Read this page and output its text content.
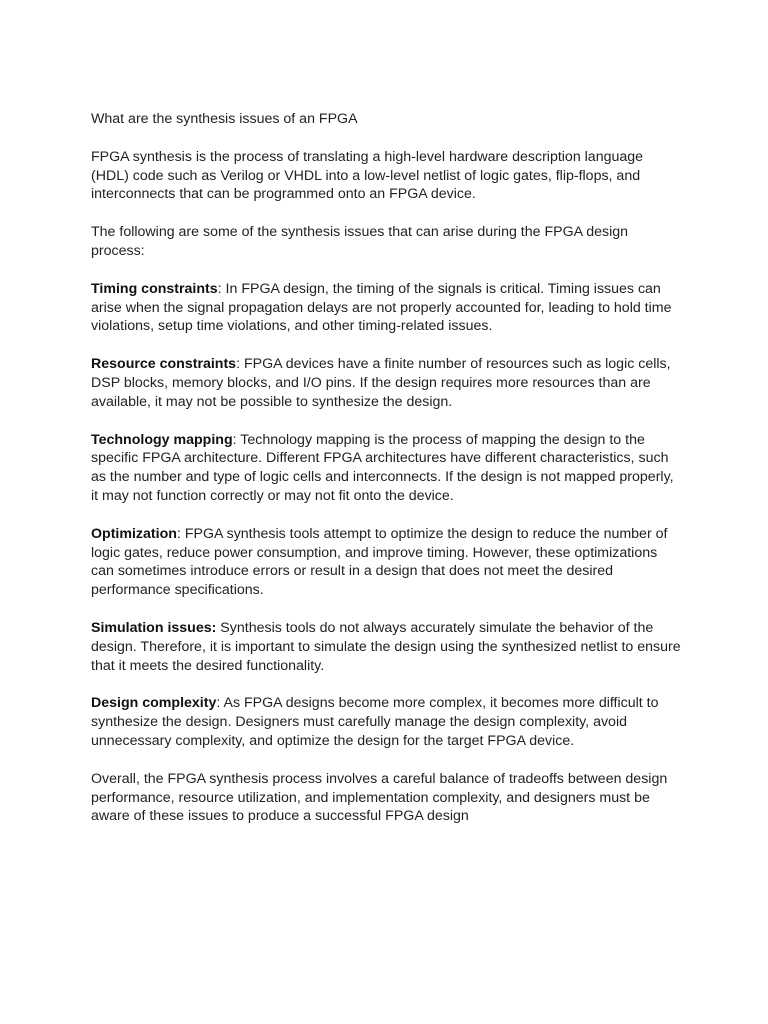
What are the synthesis issues of an FPGA

FPGA synthesis is the process of translating a high-level hardware description language (HDL) code such as Verilog or VHDL into a low-level netlist of logic gates, flip-flops, and interconnects that can be programmed onto an FPGA device.

The following are some of the synthesis issues that can arise during the FPGA design process:

Timing constraints: In FPGA design, the timing of the signals is critical. Timing issues can arise when the signal propagation delays are not properly accounted for, leading to hold time violations, setup time violations, and other timing-related issues.

Resource constraints: FPGA devices have a finite number of resources such as logic cells, DSP blocks, memory blocks, and I/O pins. If the design requires more resources than are available, it may not be possible to synthesize the design.

Technology mapping: Technology mapping is the process of mapping the design to the specific FPGA architecture. Different FPGA architectures have different characteristics, such as the number and type of logic cells and interconnects. If the design is not mapped properly, it may not function correctly or may not fit onto the device.

Optimization: FPGA synthesis tools attempt to optimize the design to reduce the number of logic gates, reduce power consumption, and improve timing. However, these optimizations can sometimes introduce errors or result in a design that does not meet the desired performance specifications.

Simulation issues: Synthesis tools do not always accurately simulate the behavior of the design. Therefore, it is important to simulate the design using the synthesized netlist to ensure that it meets the desired functionality.

Design complexity: As FPGA designs become more complex, it becomes more difficult to synthesize the design. Designers must carefully manage the design complexity, avoid unnecessary complexity, and optimize the design for the target FPGA device.

Overall, the FPGA synthesis process involves a careful balance of tradeoffs between design performance, resource utilization, and implementation complexity, and designers must be aware of these issues to produce a successful FPGA design
